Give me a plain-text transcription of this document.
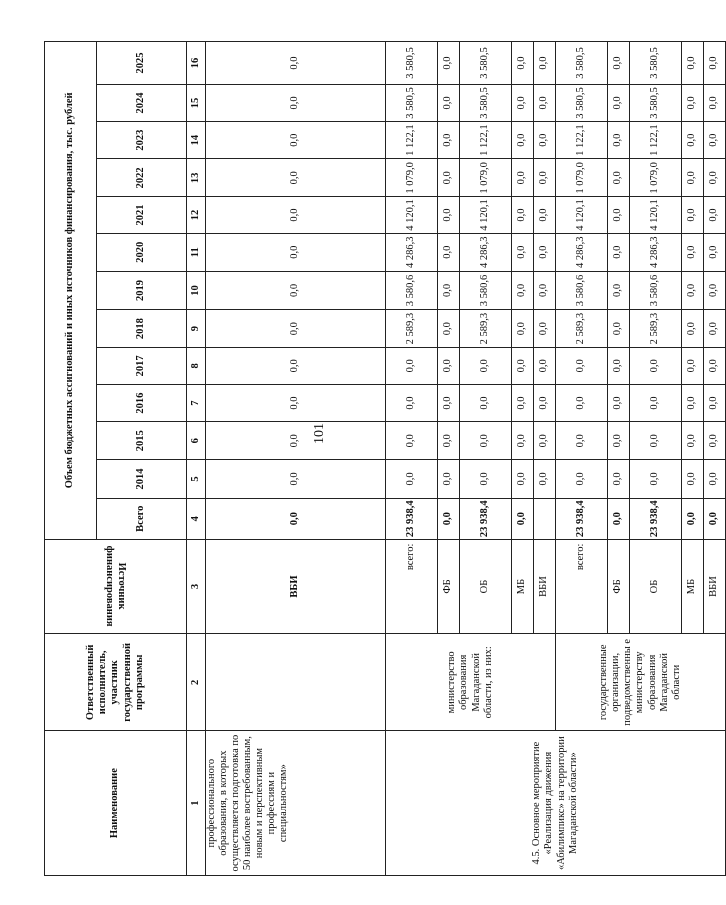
101
Наименование	Ответственный исполнитель, участник государственной программы	Источник финансирования	Объем бюджетных ассигнований и иных источников финансирования, тыс. рублей												
			Всего	2014	2015	2016	2017	2018	2019	2020	2021	2022	2023	2024	2025
1	2	3	4	5	6	7	8	9	10	11	12	13	14	15	16
профессионального образования, в которых осуществляется подготовка по 50 наиболее востребованным, новым и перспективным профессиям и специальностям»		ВБИ	0,0	0,0	0,0	0,0	0,0	0,0	0,0	0,0	0,0	0,0	0,0	0,0	0,0
4.5. Основное мероприятие «Реализация движения «Абилимпикс» на территории Магаданской области»	министерство образования Магаданской области, из них:	всего:	23 938,4	0,0	0,0	0,0	0,0	2 589,3	3 580,6	4 286,3	4 120,1	1 079,0	1 122,1	3 580,5	3 580,5
		ФБ	0,0	0,0	0,0	0,0	0,0	0,0	0,0	0,0	0,0	0,0	0,0	0,0	0,0
		ОБ	23 938,4	0,0	0,0	0,0	0,0	2 589,3	3 580,6	4 286,3	4 120,1	1 079,0	1 122,1	3 580,5	3 580,5
		МБ	0,0	0,0	0,0	0,0	0,0	0,0	0,0	0,0	0,0	0,0	0,0	0,0	0,0
		ВБИ		0,0	0,0	0,0	0,0	0,0	0,0	0,0	0,0	0,0	0,0	0,0	0,0
	государственные организации, подведомственны е министерству образования Магаданской области	всего:	23 938,4	0,0	0,0	0,0	0,0	2 589,3	3 580,6	4 286,3	4 120,1	1 079,0	1 122,1	3 580,5	3 580,5
		ФБ	0,0	0,0	0,0	0,0	0,0	0,0	0,0	0,0	0,0	0,0	0,0	0,0	0,0
		ОБ	23 938,4	0,0	0,0	0,0	0,0	2 589,3	3 580,6	4 286,3	4 120,1	1 079,0	1 122,1	3 580,5	3 580,5
		МБ	0,0	0,0	0,0	0,0	0,0	0,0	0,0	0,0	0,0	0,0	0,0	0,0	0,0
		ВБИ	0,0	0,0	0,0	0,0	0,0	0,0	0,0	0,0	0,0	0,0	0,0	0,0	0,0
